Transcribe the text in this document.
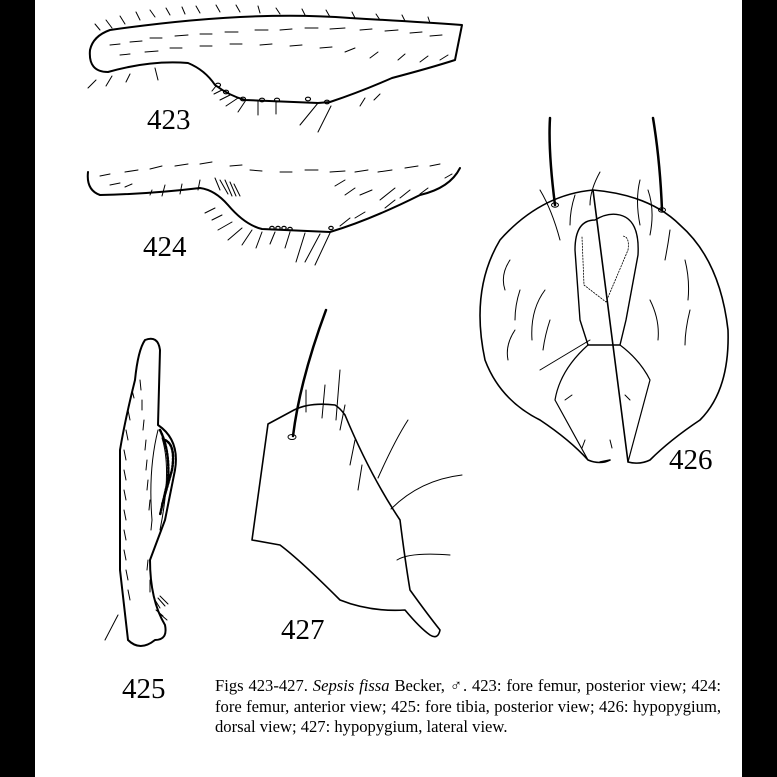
423
424
425
426
427
Figs 423-427. Sepsis fissa Becker, ♂. 423: fore femur, posterior view; 424: fore femur, anterior view; 425: fore tibia, posterior view; 426: hypopygium, dorsal view; 427: hypopygium, lateral view.
